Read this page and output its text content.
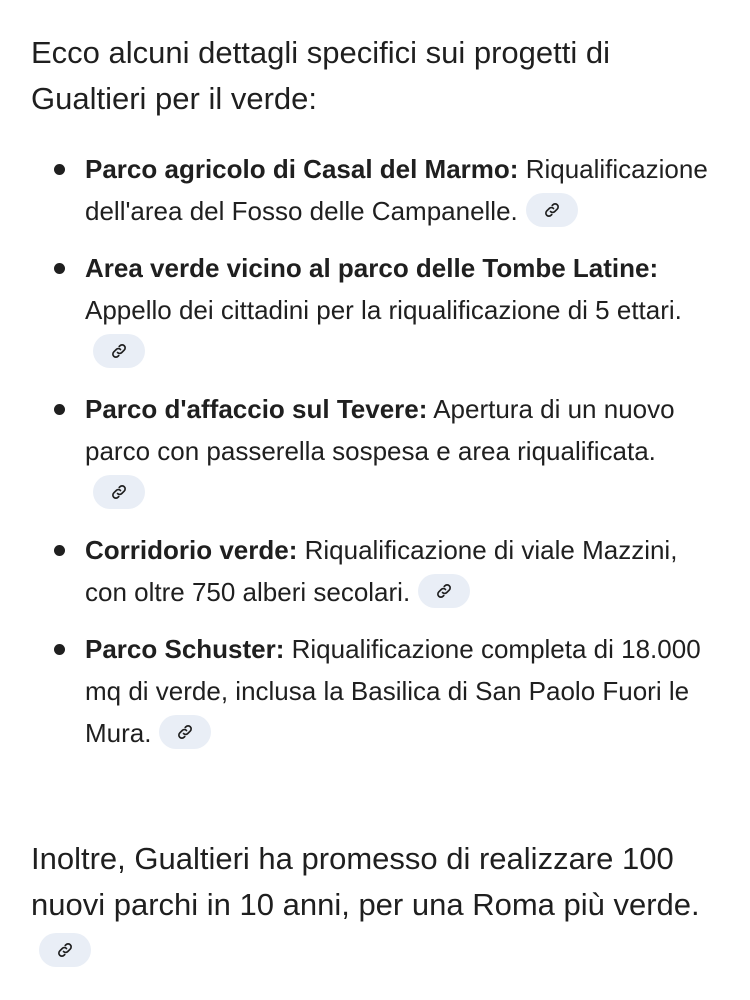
Ecco alcuni dettagli specifici sui progetti di Gualtieri per il verde:

Parco agricolo di Casal del Marmo: Riqualificazione dell'area del Fosso delle Campanelle.
Area verde vicino al parco delle Tombe Latine: Appello dei cittadini per la riqualificazione di 5 ettari.
Parco d'affaccio sul Tevere: Apertura di un nuovo parco con passerella sospesa e area riqualificata.
Corridorio verde: Riqualificazione di viale Mazzini, con oltre 750 alberi secolari.
Parco Schuster: Riqualificazione completa di 18.000 mq di verde, inclusa la Basilica di San Paolo Fuori le Mura.

Inoltre, Gualtieri ha promesso di realizzare 100 nuovi parchi in 10 anni, per una Roma più verde.
